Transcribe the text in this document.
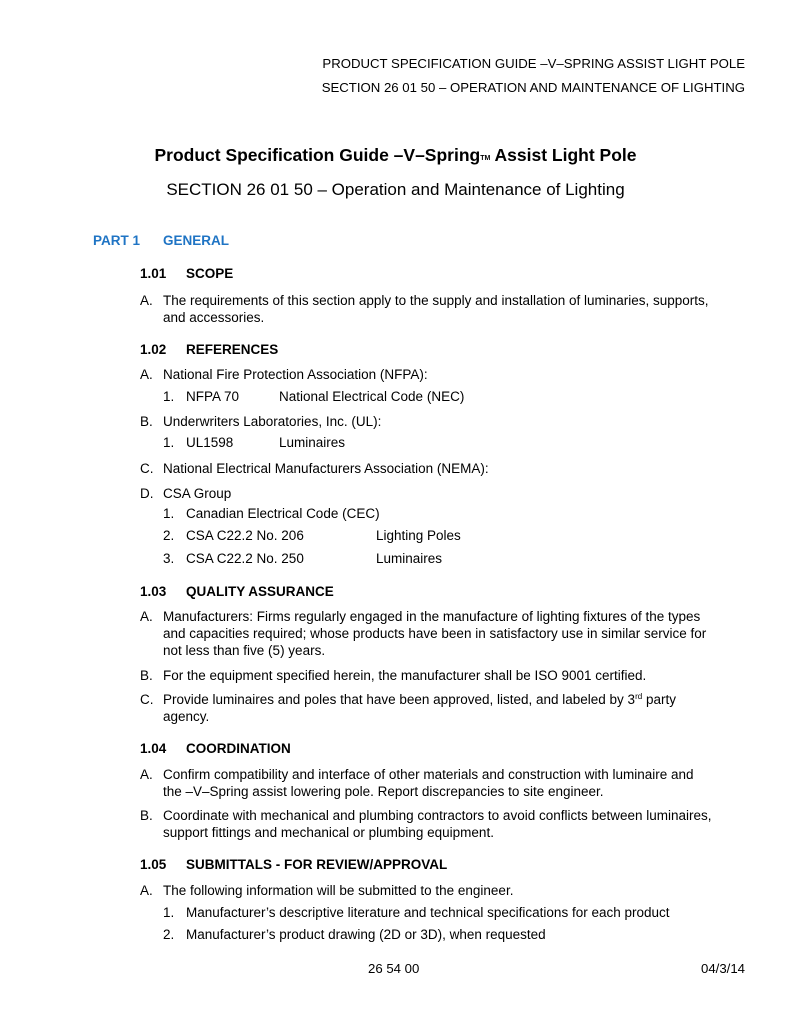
PRODUCT SPECIFICATION GUIDE –V–SPRING ASSIST LIGHT POLE
SECTION 26 01 50 – OPERATION AND MAINTENANCE OF LIGHTING
Product Specification Guide –V–Spring™ Assist Light Pole
SECTION 26 01 50 – Operation and Maintenance of Lighting
PART 1 GENERAL
1.01 SCOPE
A. The requirements of this section apply to the supply and installation of luminaries, supports,
and accessories.
1.02 REFERENCES
A. National Fire Protection Association (NFPA):
1. NFPA 70	National Electrical Code (NEC)
B. Underwriters Laboratories, Inc. (UL):
1. UL1598	Luminaires
C. National Electrical Manufacturers Association (NEMA):
D. CSA Group
1. Canadian Electrical Code (CEC)
2. CSA C22.2 No. 206	Lighting Poles
3. CSA C22.2 No. 250	Luminaires
1.03 QUALITY ASSURANCE
A. Manufacturers: Firms regularly engaged in the manufacture of lighting fixtures of the types
and capacities required; whose products have been in satisfactory use in similar service for
not less than five (5) years.
B. For the equipment specified herein, the manufacturer shall be ISO 9001 certified.
C. Provide luminaires and poles that have been approved, listed, and labeled by 3rd party
agency.
1.04 COORDINATION
A. Confirm compatibility and interface of other materials and construction with luminaire and
the –V–Spring assist lowering pole. Report discrepancies to site engineer.
B. Coordinate with mechanical and plumbing contractors to avoid conflicts between luminaires,
support fittings and mechanical or plumbing equipment.
1.05 SUBMITTALS - FOR REVIEW/APPROVAL
A. The following information will be submitted to the engineer.
1. Manufacturer’s descriptive literature and technical specifications for each product
2. Manufacturer’s product drawing (2D or 3D), when requested
26 54 00	04/3/14
